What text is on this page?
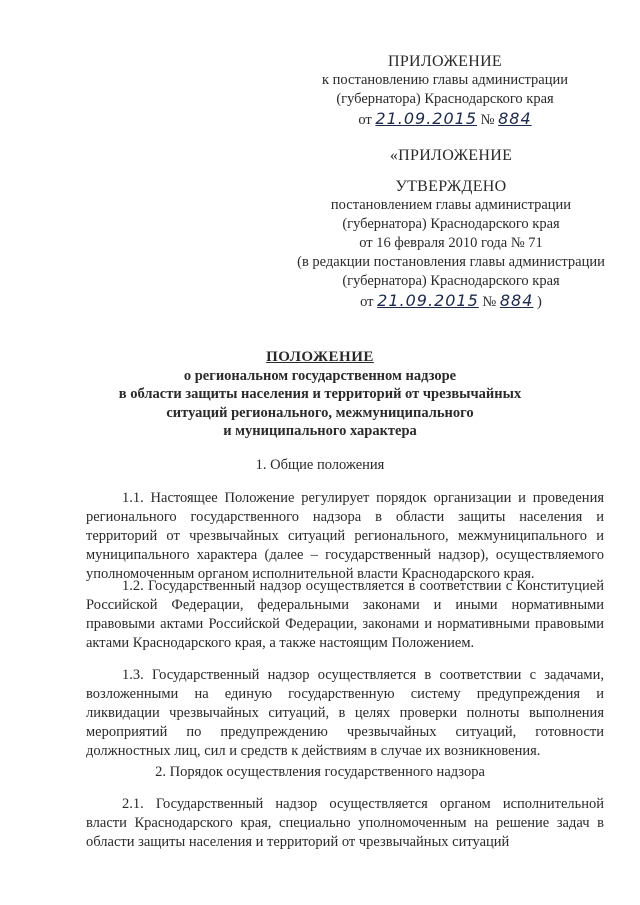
ПРИЛОЖЕНИЕ
к постановлению главы администрации
(губернатора) Краснодарского края
от 21.09.2015 № 884
«ПРИЛОЖЕНИЕ
УТВЕРЖДЕНО
постановлением главы администрации
(губернатора) Краснодарского края
от 16 февраля 2010 года № 71
(в редакции постановления главы администрации
(губернатора) Краснодарского края
от 21.09.2015 № 884 )
ПОЛОЖЕНИЕ
о региональном государственном надзоре
в области защиты населения и территорий от чрезвычайных
ситуаций регионального, межмуниципального
и муниципального характера
1. Общие положения

1.1. Настоящее Положение регулирует порядок организации и проведения регионального государственного надзора в области защиты населения и территорий от чрезвычайных ситуаций регионального, межмуниципального и муниципального характера (далее – государственный надзор), осуществляемого уполномоченным органом исполнительной власти Краснодарского края.

1.2. Государственный надзор осуществляется в соответствии с Конституцией Российской Федерации, федеральными законами и иными нормативными правовыми актами Российской Федерации, законами и нормативными правовыми актами Краснодарского края, а также настоящим Положением.

1.3. Государственный надзор осуществляется в соответствии с задачами, возложенными на единую государственную систему предупреждения и ликвидации чрезвычайных ситуаций, в целях проверки полноты выполнения мероприятий по предупреждению чрезвычайных ситуаций, готовности должностных лиц, сил и средств к действиям в случае их возникновения.

2. Порядок осуществления государственного надзора

2.1. Государственный надзор осуществляется органом исполнительной власти Краснодарского края, специально уполномоченным на решение задач в области защиты населения и территорий от чрезвычайных ситуаций
